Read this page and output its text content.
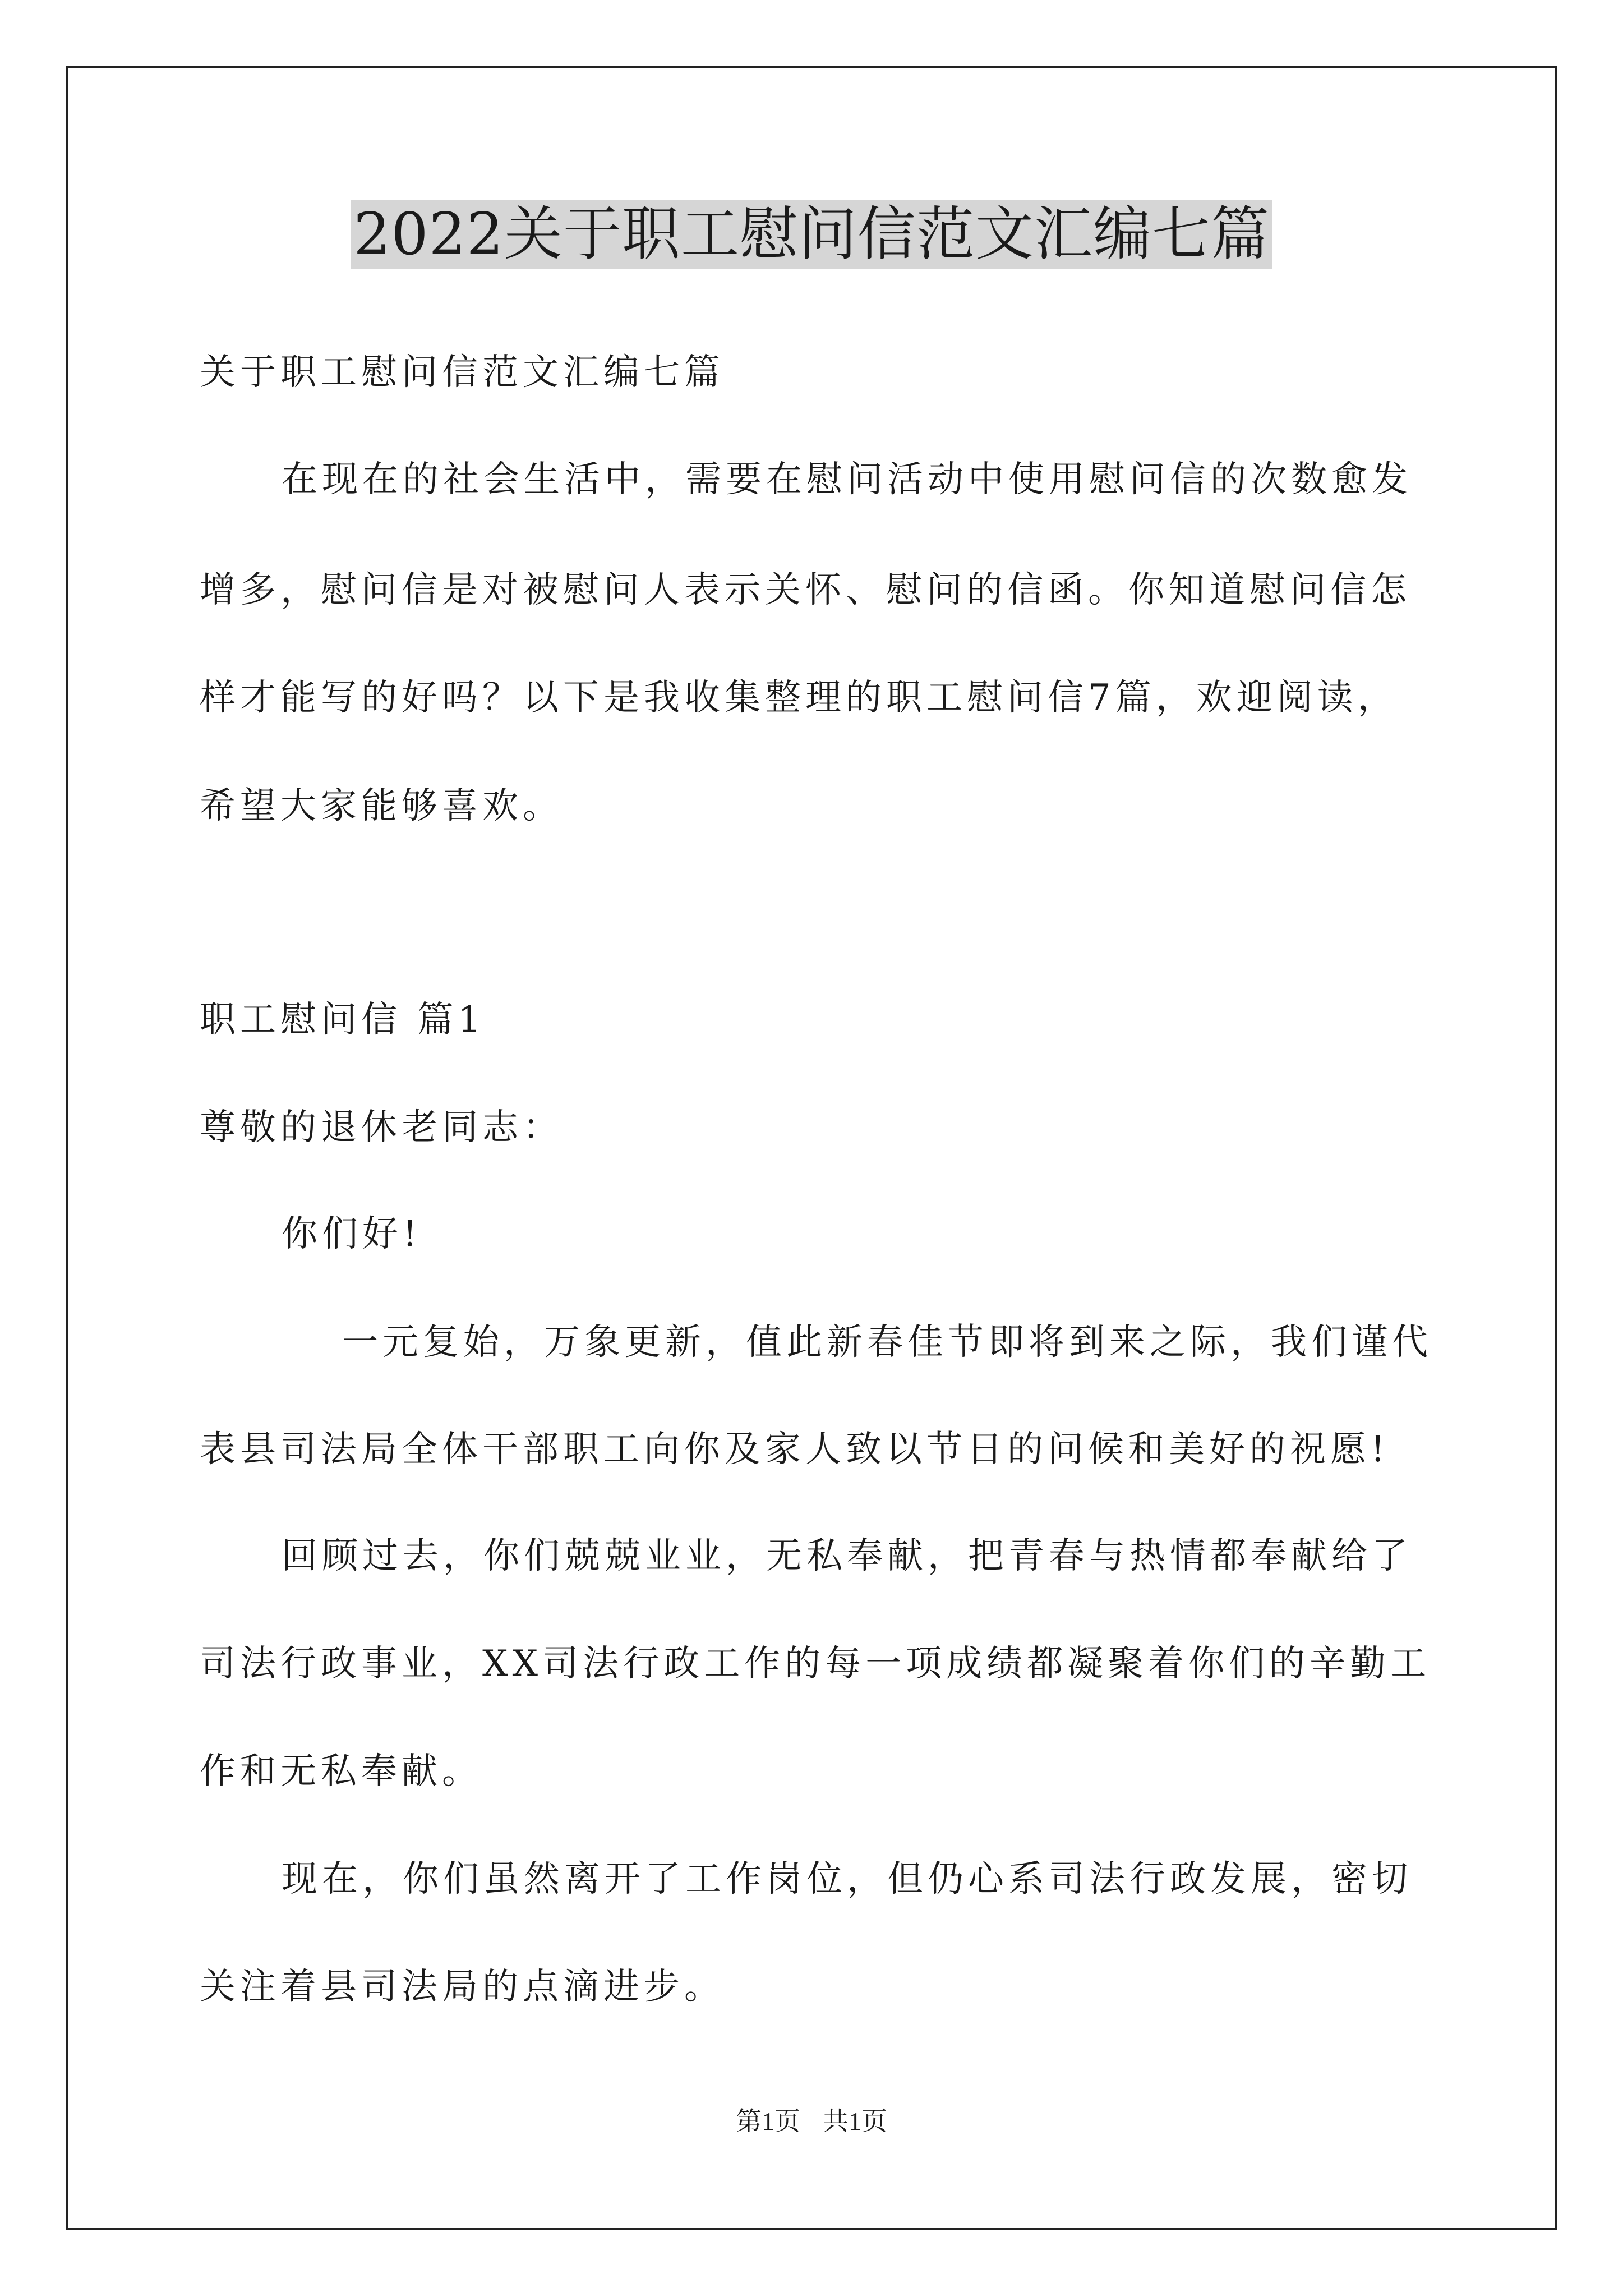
2022关于职工慰问信范文汇编七篇

关于职工慰问信范文汇编七篇

在现在的社会生活中，需要在慰问活动中使用慰问信的次数愈发

增多，慰问信是对被慰问人表示关怀、慰问的信函。你知道慰问信怎

样才能写的好吗？以下是我收集整理的职工慰问信7篇，欢迎阅读，

希望大家能够喜欢。

职工慰问信 篇1

尊敬的退休老同志：

你们好!

一元复始，万象更新，值此新春佳节即将到来之际，我们谨代

表县司法局全体干部职工向你及家人致以节日的问候和美好的祝愿!

回顾过去，你们兢兢业业，无私奉献，把青春与热情都奉献给了

司法行政事业，XX司法行政工作的每一项成绩都凝聚着你们的辛勤工

作和无私奉献。

现在，你们虽然离开了工作岗位，但仍心系司法行政发展，密切

关注着县司法局的点滴进步。

第1页 共1页
